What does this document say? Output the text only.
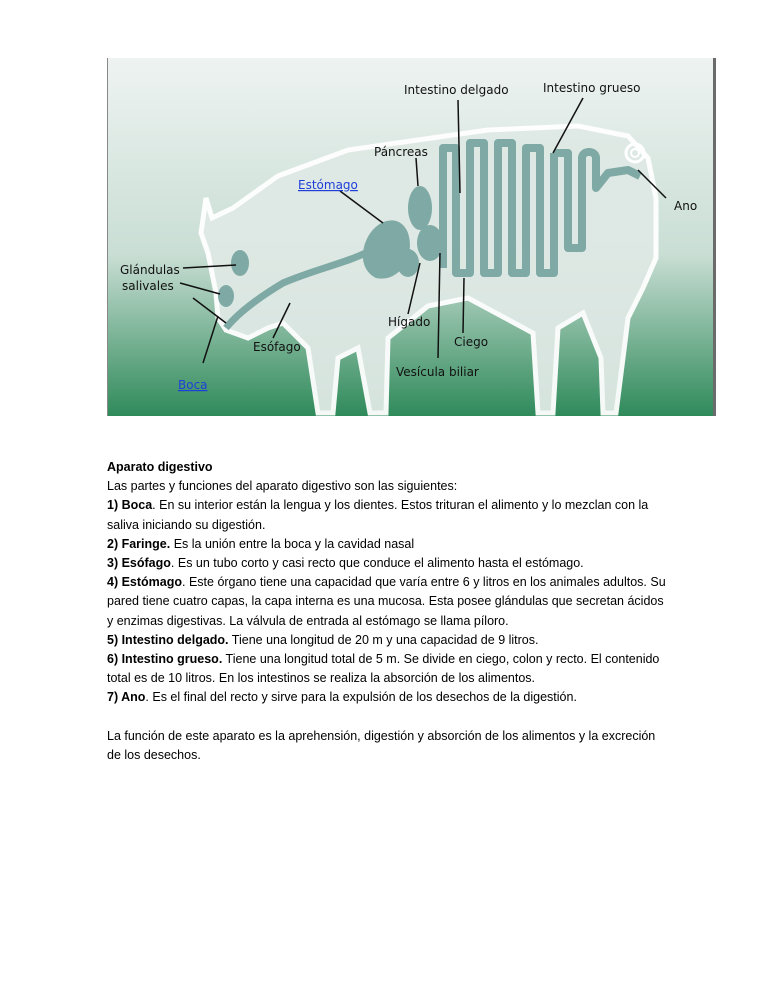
Intestino delgado	Intestino grueso
Páncreas
Estómago
Ano
Glándulas
salivales
Hígado
Ciego
Esófago
Vesícula biliar
Boca

Aparato digestivo

Las partes y funciones del aparato digestivo son las siguientes:

1) Boca. En su interior están la lengua y los dientes. Estos trituran el alimento y lo mezclan con la

saliva iniciando su digestión.

2) Faringe. Es la unión entre la boca y la cavidad nasal

3) Esófago. Es un tubo corto y casi recto que conduce el alimento hasta el estómago.

4) Estómago. Este órgano tiene una capacidad que varía entre 6 y litros en los animales adultos. Su

pared tiene cuatro capas, la capa interna es una mucosa. Esta posee glándulas que secretan ácidos

y enzimas digestivas. La válvula de entrada al estómago se llama píloro.

5) Intestino delgado. Tiene una longitud de 20 m y una capacidad de 9 litros.

6) Intestino grueso. Tiene una longitud total de 5 m. Se divide en ciego, colon y recto. El contenido

total es de 10 litros. En los intestinos se realiza la absorción de los alimentos.

7) Ano. Es el final del recto y sirve para la expulsión de los desechos de la digestión.

La función de este aparato es la aprehensión, digestión y absorción de los alimentos y la excreción

de los desechos.
